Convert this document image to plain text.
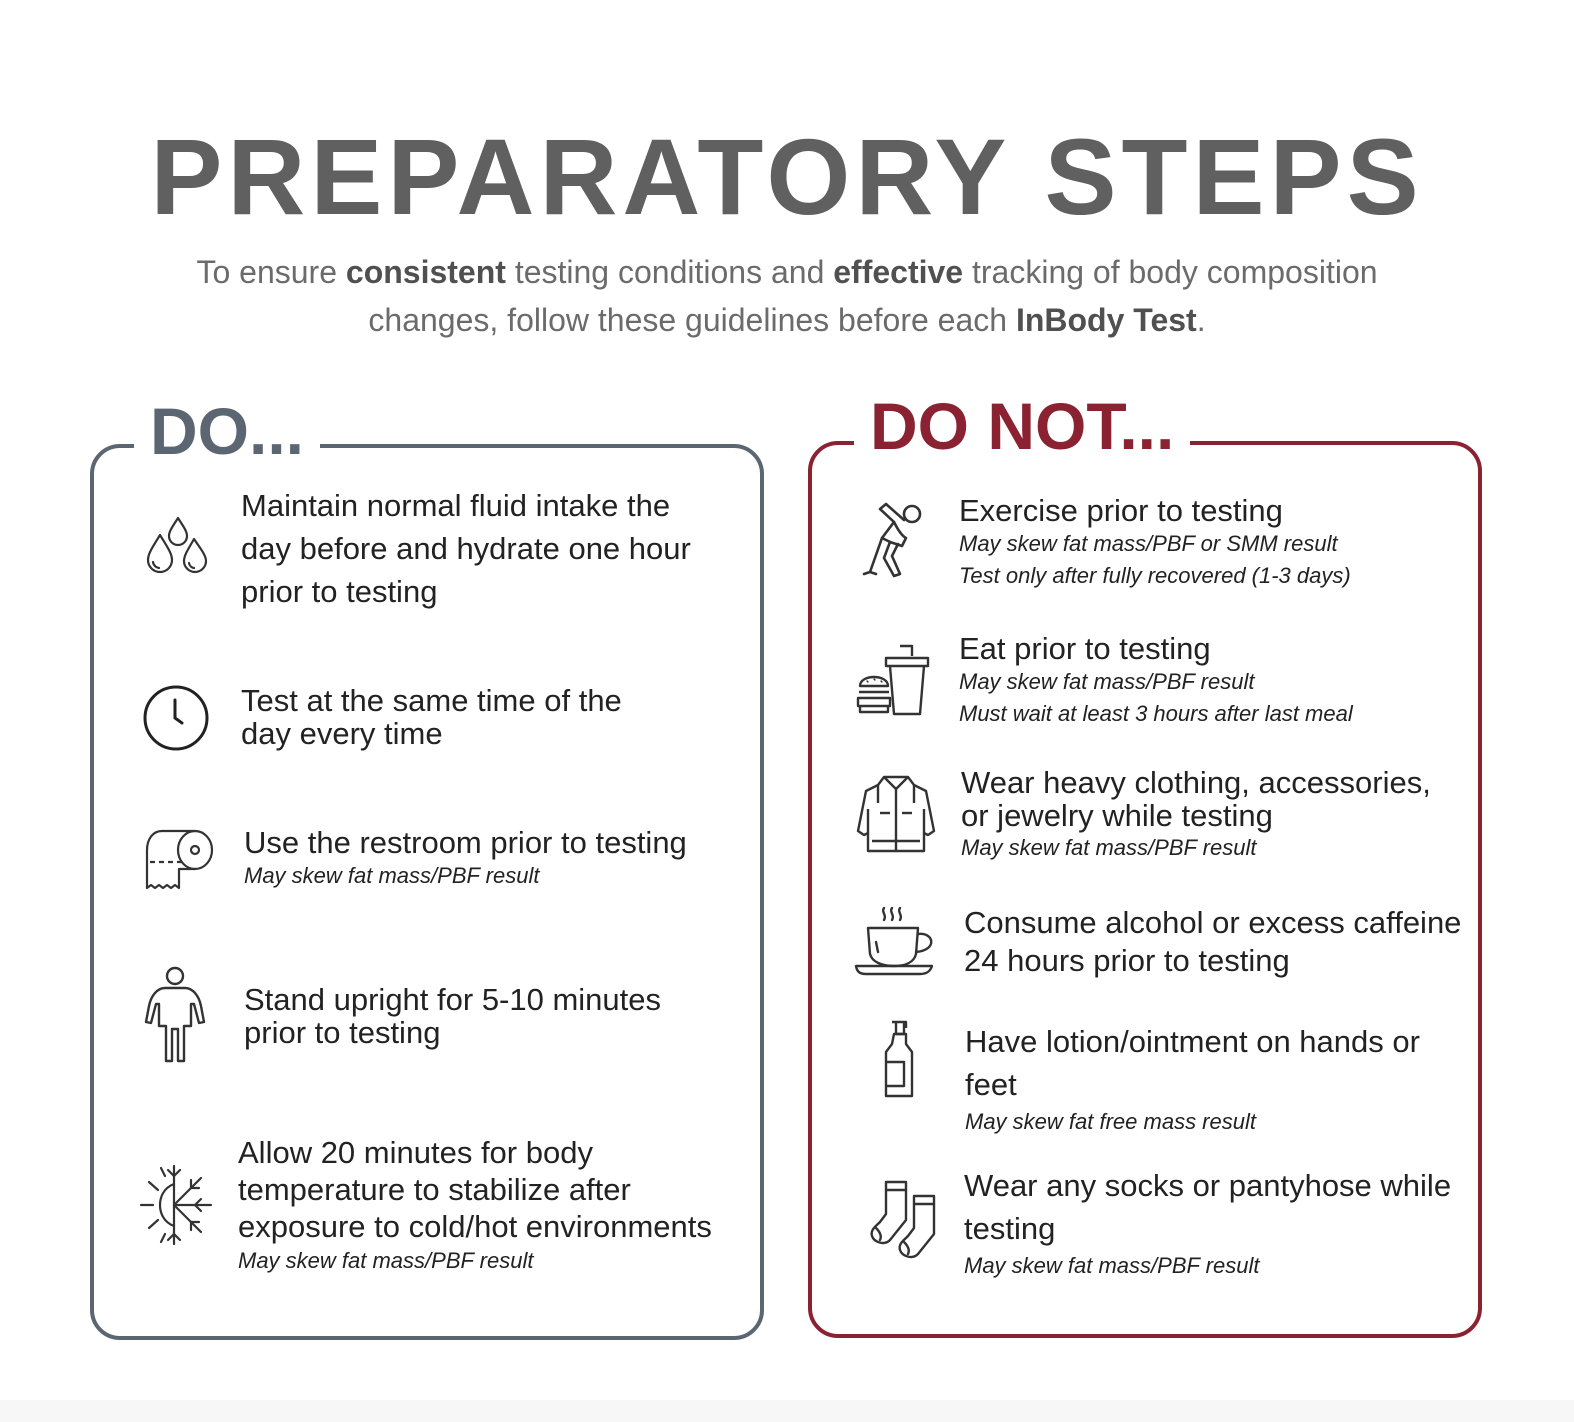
PREPARATORY STEPS

To ensure consistent testing conditions and effective tracking of body composition changes, follow these guidelines before each InBody Test.

DO...	DO NOT...
Maintain normal fluid intake the day before and hydrate one hour prior to testing
Test at the same time of the day every time
Use the restroom prior to testing
May skew fat mass/PBF result
Stand upright for 5-10 minutes prior to testing
Allow 20 minutes for body temperature to stabilize after exposure to cold/hot environments
May skew fat mass/PBF result
Exercise prior to testing
May skew fat mass/PBF or SMM result
Test only after fully recovered (1-3 days)
Eat prior to testing
May skew fat mass/PBF result
Must wait at least 3 hours after last meal
Wear heavy clothing, accessories, or jewelry while testing
May skew fat mass/PBF result
Consume alcohol or excess caffeine 24 hours prior to testing
Have lotion/ointment on hands or feet
May skew fat free mass result
Wear any socks or pantyhose while testing
May skew fat mass/PBF result
